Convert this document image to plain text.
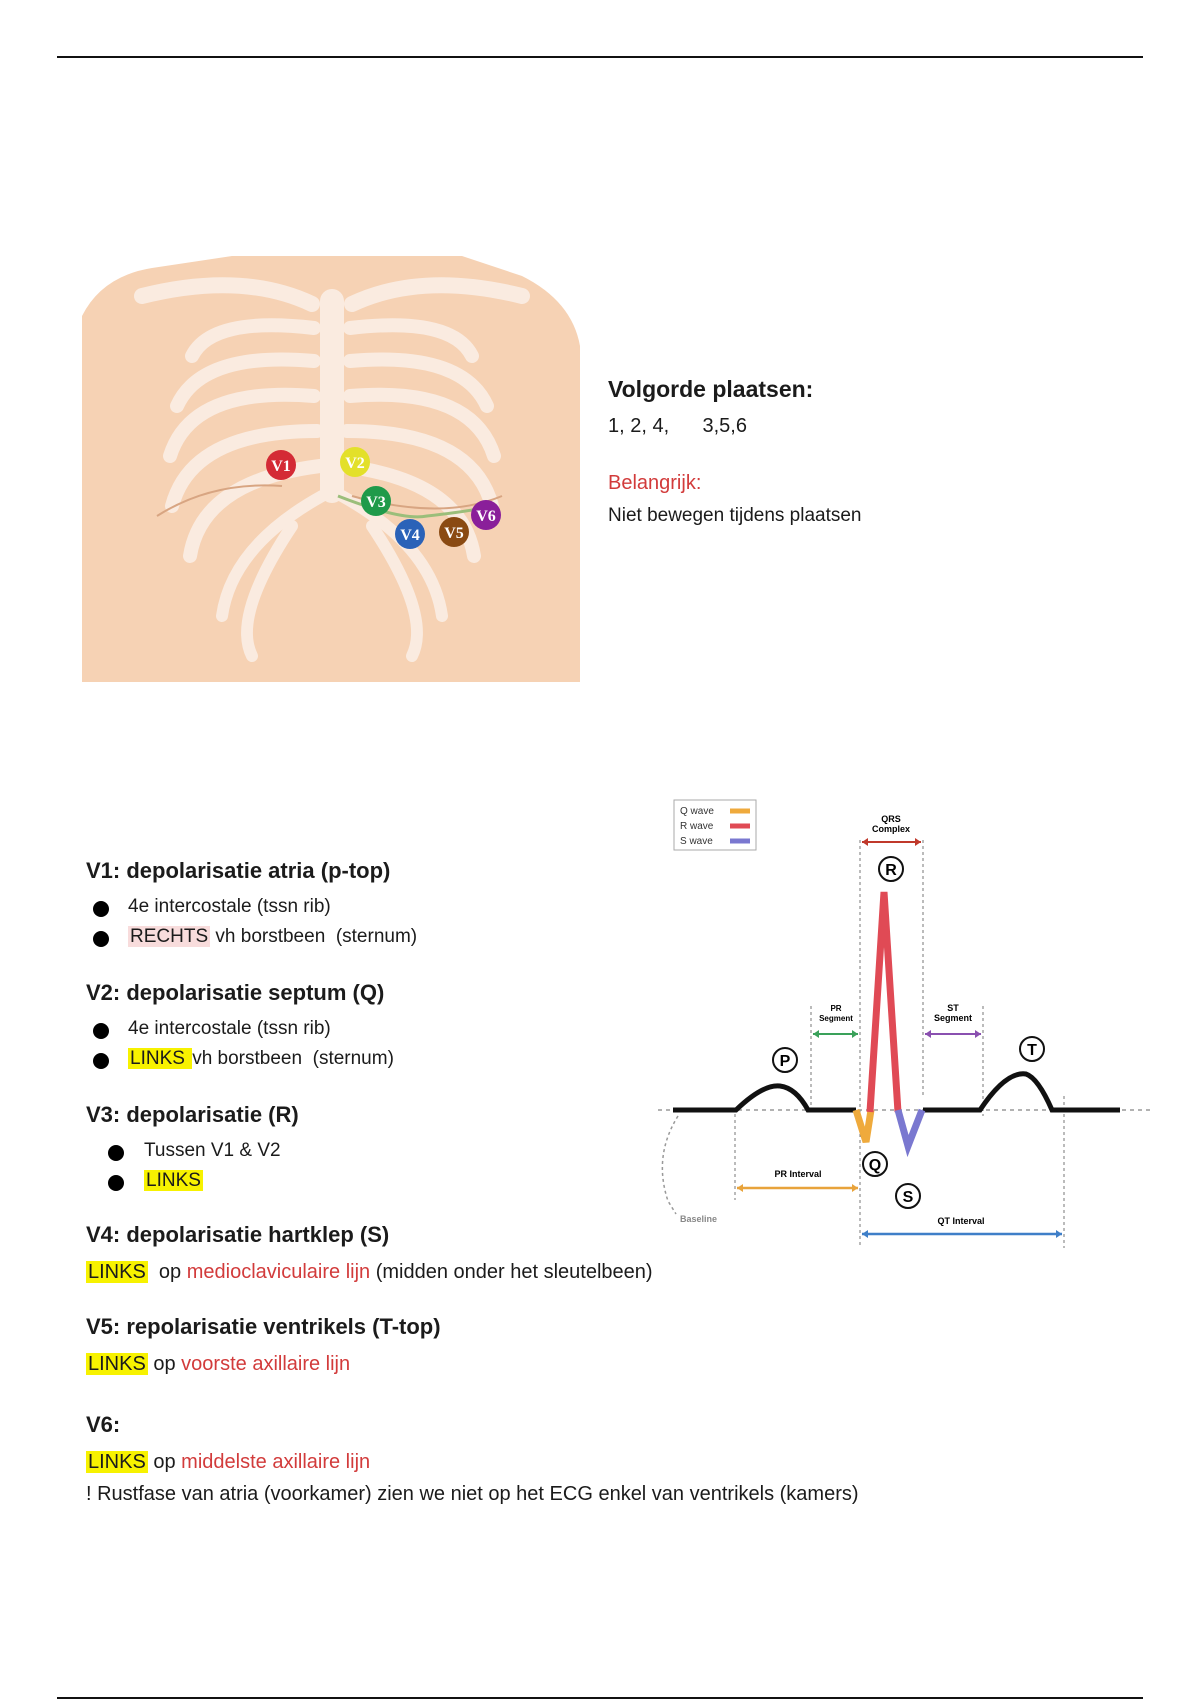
V1	V2
V3
V4 V5
V6

Volgorde plaatsen:

1, 2, 4,      3,5,6

Belangrijk:

Niet bewegen tijdens plaatsen

Q wave
R wave
S wave
P
Q
R
S
T
QRS
Complex
PR
Segment
ST
Segment
PR Interval
QT Interval
Baseline
V1: depolarisatie atria (p-top)
4e intercostale (tssn rib)
RECHTS vh borstbeen  (sternum)
V2: depolarisatie septum (Q)
4e intercostale (tssn rib)
LINKS vh borstbeen  (sternum)
V3: depolarisatie (R)
Tussen V1 & V2
LINKS
V4: depolarisatie hartklep (S)

LINKS  op medioclaviculaire lijn (midden onder het sleutelbeen)

V5: repolarisatie ventrikels (T-top)

LINKS op voorste axillaire lijn

V6:

LINKS op middelste axillaire lijn

! Rustfase van atria (voorkamer) zien we niet op het ECG enkel van ventrikels (kamers)
